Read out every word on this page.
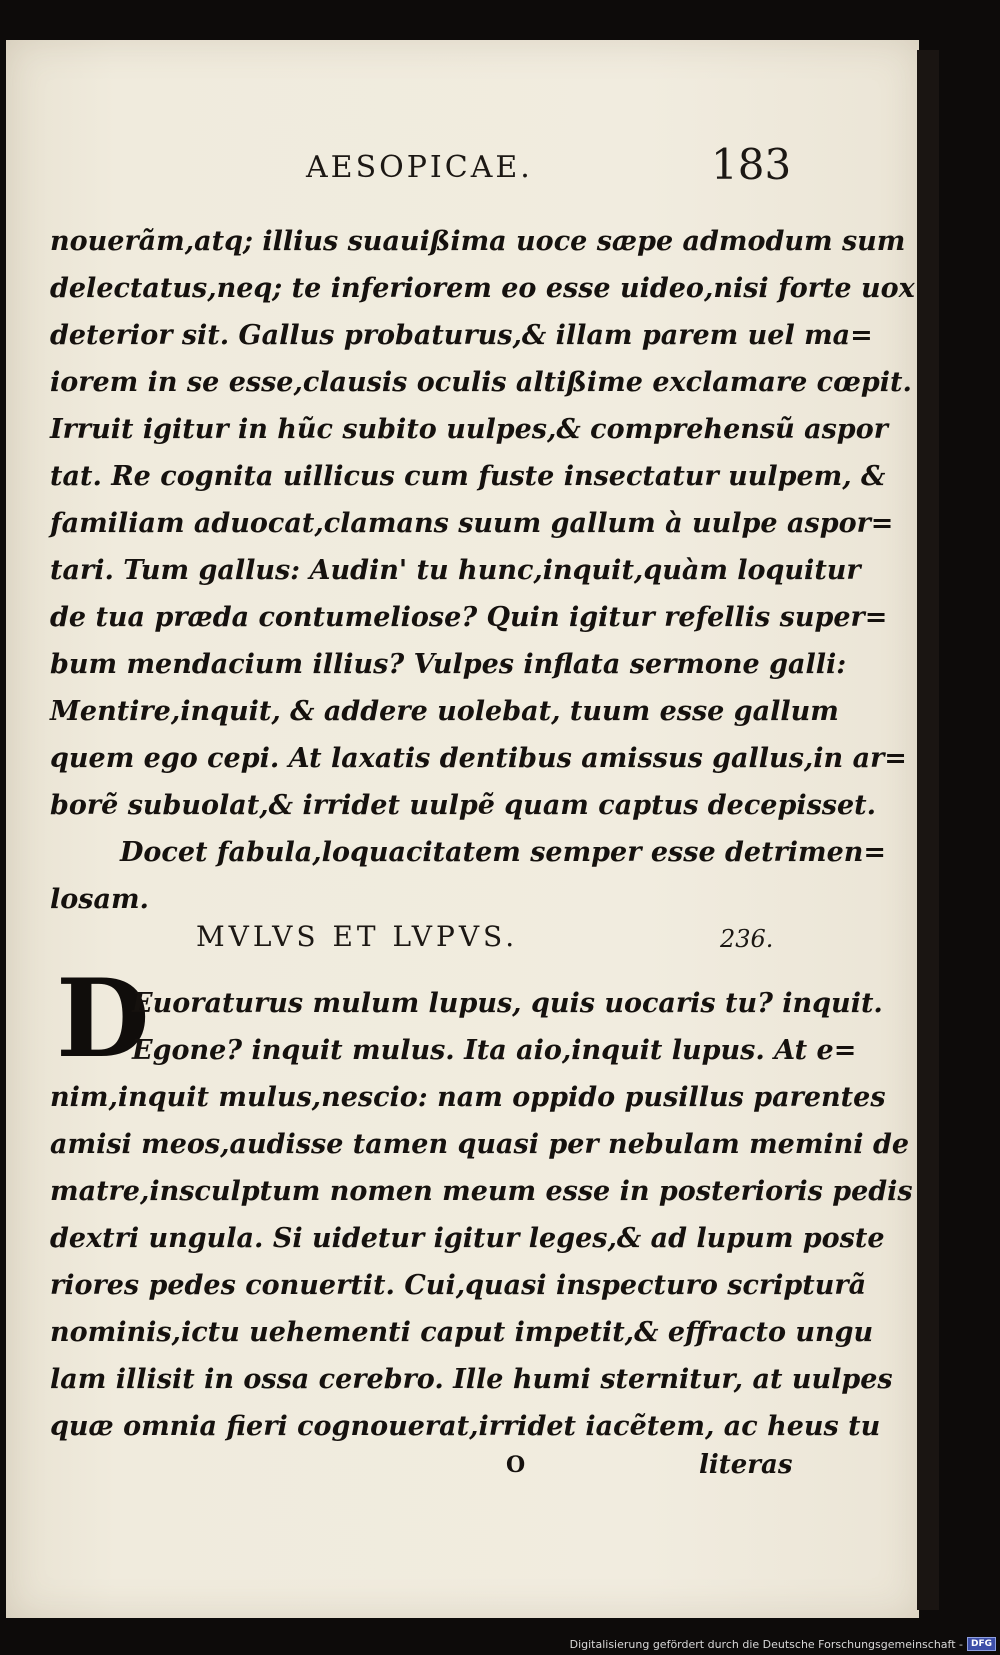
AESOPICAE.	183
nouerãm,atq; illius suauißima uoce sæpe admodum sum
delectatus,neq; te inferiorem eo esse uideo,nisi forte uox
deterior sit. Gallus probaturus,& illam parem uel ma=
iorem in se esse,clausis oculis altißime exclamare cœpit.
Irruit igitur in hũc subito uulpes,& comprehensũ aspor
tat. Re cognita uillicus cum fuste insectatur uulpem, &
familiam aduocat,clamans suum gallum à uulpe aspor=
tari. Tum gallus: Audin' tu hunc,inquit,quàm loquitur
de tua præda contumeliose? Quin igitur refellis super=
bum mendacium illius? Vulpes inflata sermone galli:
Mentire,inquit, & addere uolebat, tuum esse gallum
quem ego cepi. At laxatis dentibus amissus gallus,in ar=
borẽ subuolat,& irridet uulpẽ quam captus decepisset.
Docet fabula,loquacitatem semper esse detrimen=
losam.
MVLVS ET LVPVS.	236.
D
Euoraturus mulum lupus, quis uocaris tu? inquit.
Egone? inquit mulus. Ita aio,inquit lupus. At e=
nim,inquit mulus,nescio: nam oppido pusillus parentes
amisi meos,audisse tamen quasi per nebulam memini de
matre,insculptum nomen meum esse in posterioris pedis
dextri ungula. Si uidetur igitur leges,& ad lupum poste
riores pedes conuertit. Cui,quasi inspecturo scripturã
nominis,ictu uehementi caput impetit,& effracto ungu
lam illisit in ossa cerebro. Ille humi sternitur, at uulpes
quæ omnia fieri cognouerat,irridet iacẽtem, ac heus tu
O	literas
Digitalisierung gefördert durch die Deutsche Forschungsgemeinschaft - DFG
